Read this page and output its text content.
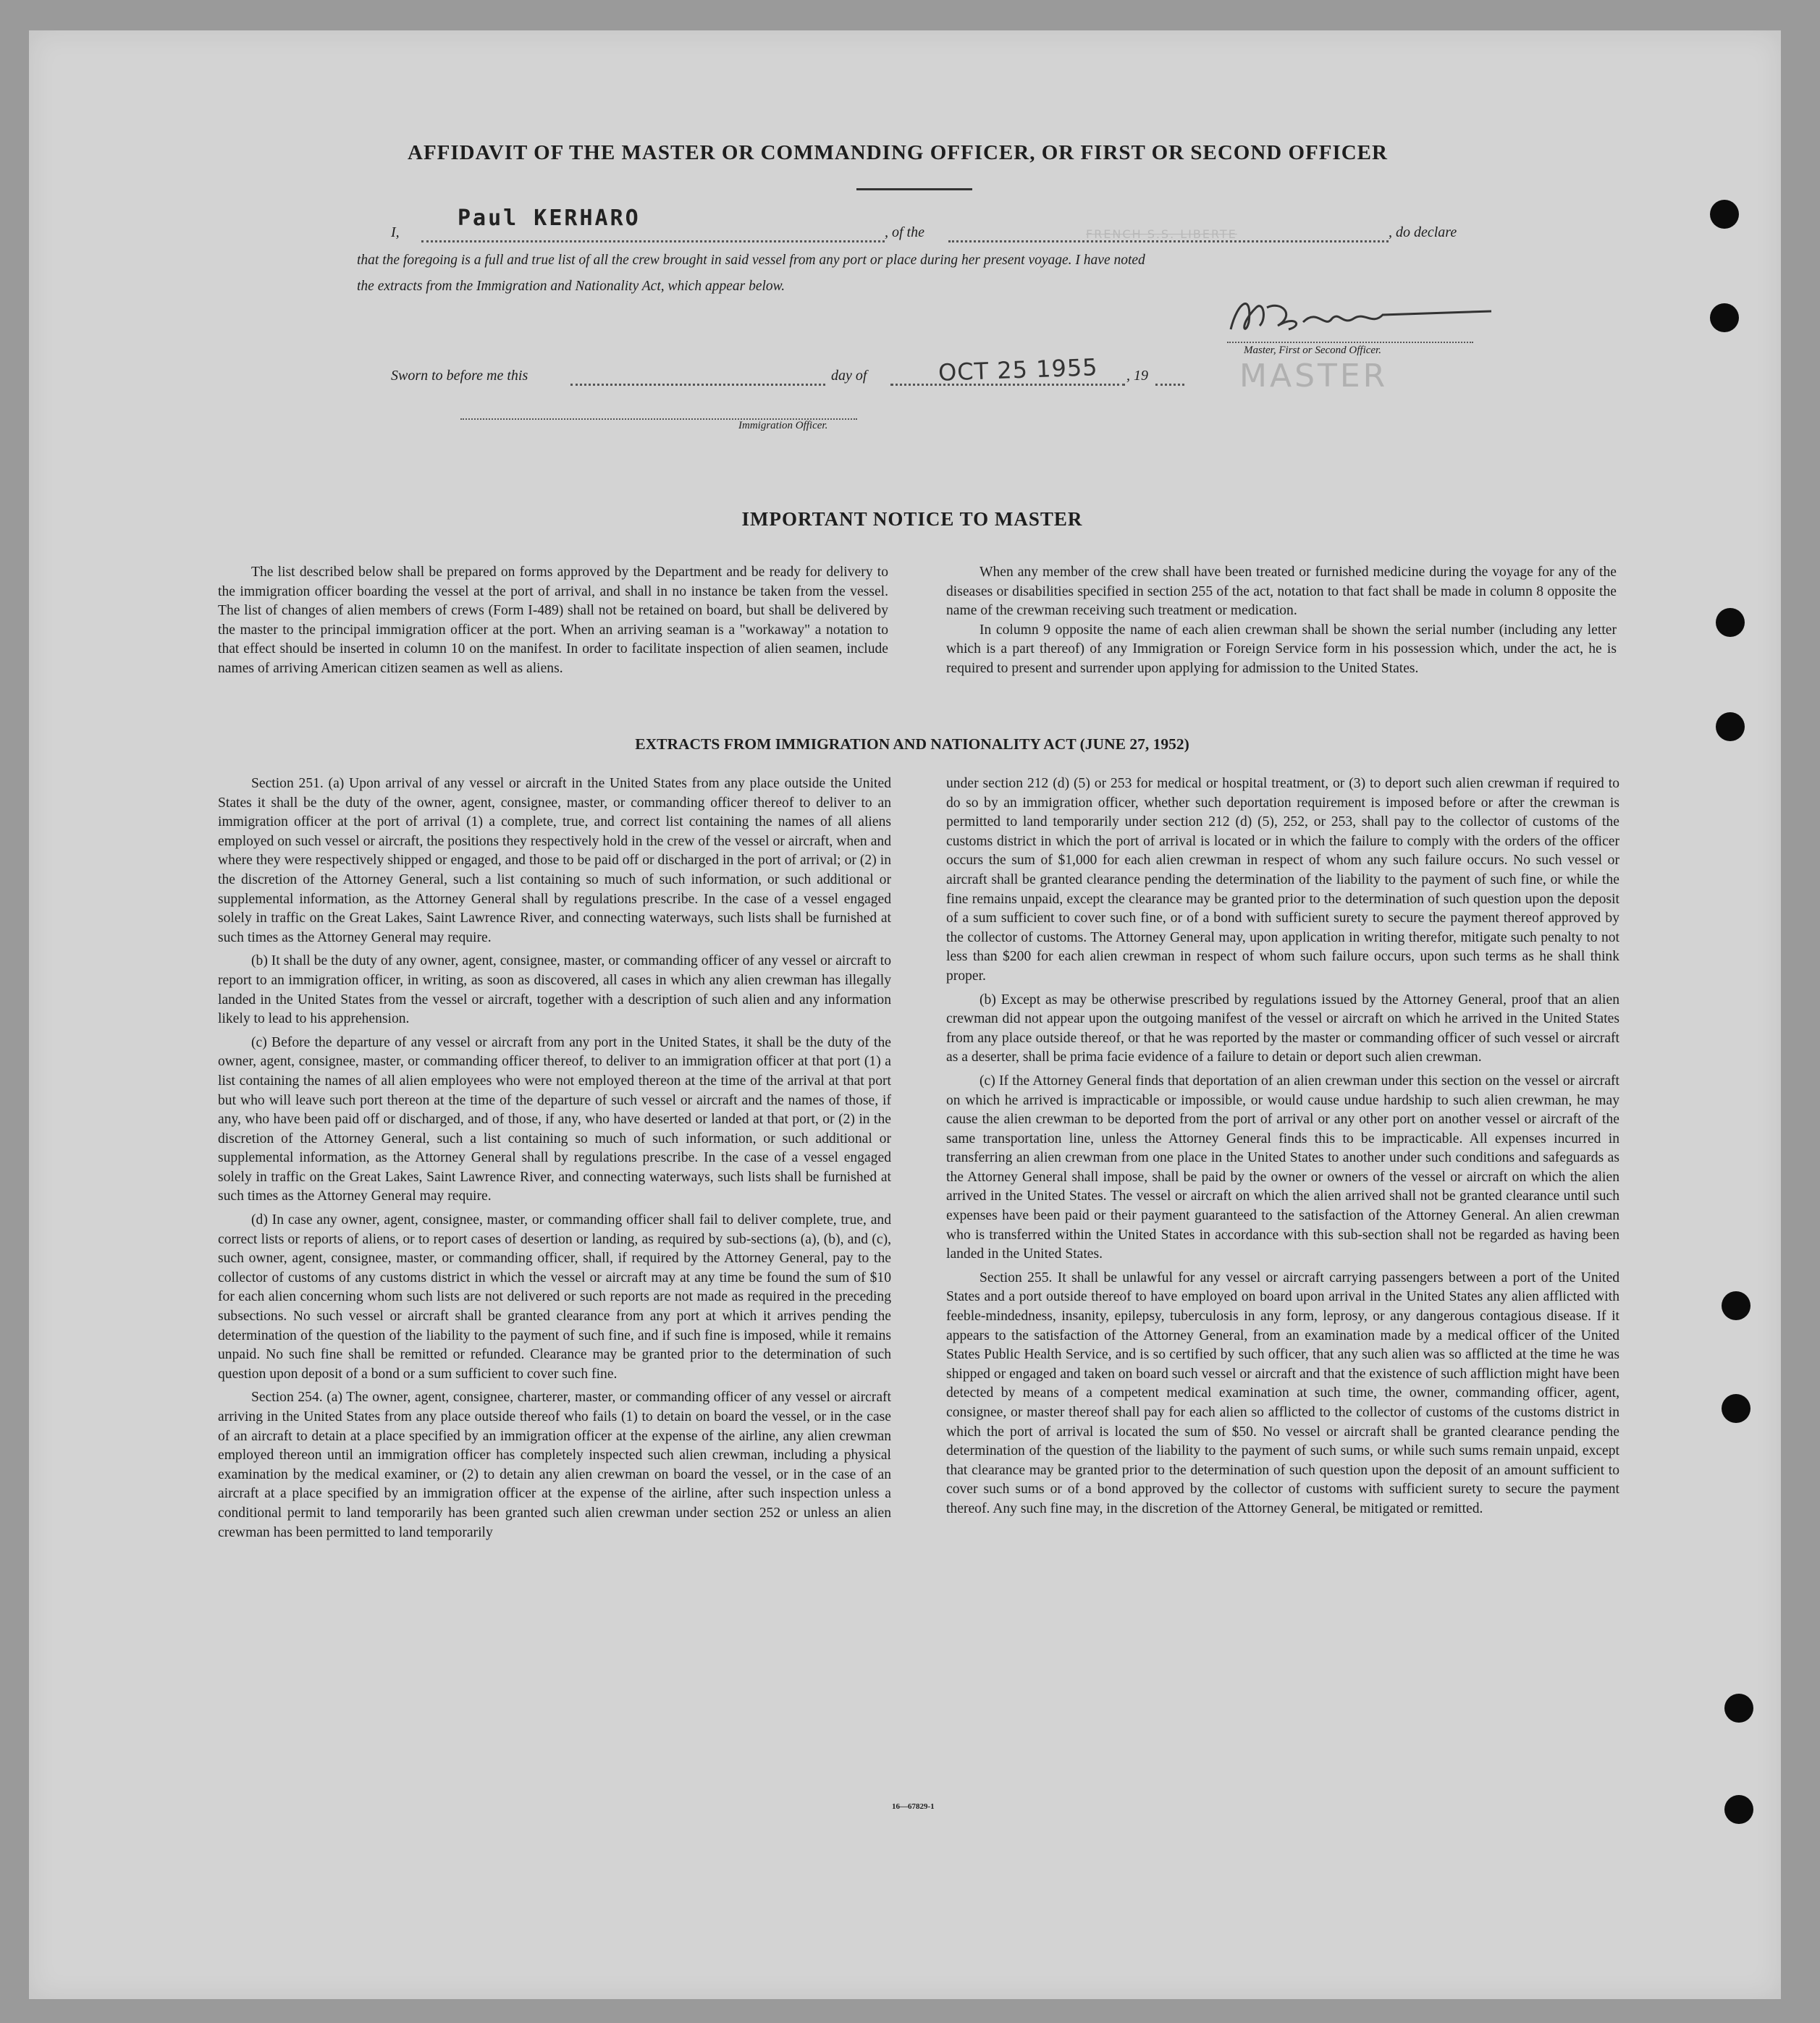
AFFIDAVIT OF THE MASTER OR COMMANDING OFFICER, OR FIRST OR SECOND OFFICER
I,
Paul KERHARO
, of the	FRENCH S.S. LIBERTE	, do declare
that the foregoing is a full and true list of all the crew brought in said vessel from any port or place during her present voyage. I have noted
the extracts from the Immigration and Nationality Act, which appear below.
Master, First or Second Officer.
MASTER
Sworn to before me this	day of	OCT 25 1955 , 19
Immigration Officer.
IMPORTANT NOTICE TO MASTER

The list described below shall be prepared on forms approved by the Department and be ready for delivery to the immigration officer boarding the vessel at the port of arrival, and shall in no instance be taken from the vessel. The list of changes of alien members of crews (Form I-489) shall not be retained on board, but shall be delivered by the master to the principal immigration officer at the port. When an arriving seaman is a "workaway" a notation to that effect should be inserted in column 10 on the manifest. In order to facilitate inspection of alien seamen, include names of arriving American citizen seamen as well as aliens.

When any member of the crew shall have been treated or furnished medicine during the voyage for any of the diseases or disabilities specified in section 255 of the act, notation to that fact shall be made in column 8 opposite the name of the crewman receiving such treatment or medication.

In column 9 opposite the name of each alien crewman shall be shown the serial number (including any letter which is a part thereof) of any Immigration or Foreign Service form in his possession which, under the act, he is required to present and surrender upon applying for admission to the United States.

EXTRACTS FROM IMMIGRATION AND NATIONALITY ACT (JUNE 27, 1952)

Section 251. (a) Upon arrival of any vessel or aircraft in the United States from any place outside the United States it shall be the duty of the owner, agent, consignee, master, or commanding officer thereof to deliver to an immigration officer at the port of arrival (1) a complete, true, and correct list containing the names of all aliens employed on such vessel or aircraft, the positions they respectively hold in the crew of the vessel or aircraft, when and where they were respectively shipped or engaged, and those to be paid off or discharged in the port of arrival; or (2) in the discretion of the Attorney General, such a list containing so much of such information, or such additional or supplemental information, as the Attorney General shall by regulations prescribe. In the case of a vessel engaged solely in traffic on the Great Lakes, Saint Lawrence River, and connecting waterways, such lists shall be furnished at such times as the Attorney General may require.

(b) It shall be the duty of any owner, agent, consignee, master, or commanding officer of any vessel or aircraft to report to an immigration officer, in writing, as soon as discovered, all cases in which any alien crewman has illegally landed in the United States from the vessel or aircraft, together with a description of such alien and any information likely to lead to his apprehension.

(c) Before the departure of any vessel or aircraft from any port in the United States, it shall be the duty of the owner, agent, consignee, master, or commanding officer thereof, to deliver to an immigration officer at that port (1) a list containing the names of all alien employees who were not employed thereon at the time of the arrival at that port but who will leave such port thereon at the time of the departure of such vessel or aircraft and the names of those, if any, who have been paid off or discharged, and of those, if any, who have deserted or landed at that port, or (2) in the discretion of the Attorney General, such a list containing so much of such information, or such additional or supplemental information, as the Attorney General shall by regulations prescribe. In the case of a vessel engaged solely in traffic on the Great Lakes, Saint Lawrence River, and connecting waterways, such lists shall be furnished at such times as the Attorney General may require.

(d) In case any owner, agent, consignee, master, or commanding officer shall fail to deliver complete, true, and correct lists or reports of aliens, or to report cases of desertion or landing, as required by sub-sections (a), (b), and (c), such owner, agent, consignee, master, or commanding officer, shall, if required by the Attorney General, pay to the collector of customs of any customs district in which the vessel or aircraft may at any time be found the sum of $10 for each alien concerning whom such lists are not delivered or such reports are not made as required in the preceding subsections. No such vessel or aircraft shall be granted clearance from any port at which it arrives pending the determination of the question of the liability to the payment of such fine, and if such fine is imposed, while it remains unpaid. No such fine shall be remitted or refunded. Clearance may be granted prior to the determination of such question upon deposit of a bond or a sum sufficient to cover such fine.

Section 254. (a) The owner, agent, consignee, charterer, master, or commanding officer of any vessel or aircraft arriving in the United States from any place outside thereof who fails (1) to detain on board the vessel, or in the case of an aircraft to detain at a place specified by an immigration officer at the expense of the airline, any alien crewman employed thereon until an immigration officer has completely inspected such alien crewman, including a physical examination by the medical examiner, or (2) to detain any alien crewman on board the vessel, or in the case of an aircraft at a place specified by an immigration officer at the expense of the airline, after such inspection unless a conditional permit to land temporarily has been granted such alien crewman under section 252 or unless an alien crewman has been permitted to land temporarily

under section 212 (d) (5) or 253 for medical or hospital treatment, or (3) to deport such alien crewman if required to do so by an immigration officer, whether such deportation requirement is imposed before or after the crewman is permitted to land temporarily under section 212 (d) (5), 252, or 253, shall pay to the collector of customs of the customs district in which the port of arrival is located or in which the failure to comply with the orders of the officer occurs the sum of $1,000 for each alien crewman in respect of whom any such failure occurs. No such vessel or aircraft shall be granted clearance pending the determination of the liability to the payment of such fine, or while the fine remains unpaid, except the clearance may be granted prior to the determination of such question upon the deposit of a sum sufficient to cover such fine, or of a bond with sufficient surety to secure the payment thereof approved by the collector of customs. The Attorney General may, upon application in writing therefor, mitigate such penalty to not less than $200 for each alien crewman in respect of whom such failure occurs, upon such terms as he shall think proper.

(b) Except as may be otherwise prescribed by regulations issued by the Attorney General, proof that an alien crewman did not appear upon the outgoing manifest of the vessel or aircraft on which he arrived in the United States from any place outside thereof, or that he was reported by the master or commanding officer of such vessel or aircraft as a deserter, shall be prima facie evidence of a failure to detain or deport such alien crewman.

(c) If the Attorney General finds that deportation of an alien crewman under this section on the vessel or aircraft on which he arrived is impracticable or impossible, or would cause undue hardship to such alien crewman, he may cause the alien crewman to be deported from the port of arrival or any other port on another vessel or aircraft of the same transportation line, unless the Attorney General finds this to be impracticable. All expenses incurred in transferring an alien crewman from one place in the United States to another under such conditions and safeguards as the Attorney General shall impose, shall be paid by the owner or owners of the vessel or aircraft on which the alien arrived in the United States. The vessel or aircraft on which the alien arrived shall not be granted clearance until such expenses have been paid or their payment guaranteed to the satisfaction of the Attorney General. An alien crewman who is transferred within the United States in accordance with this sub-section shall not be regarded as having been landed in the United States.

Section 255. It shall be unlawful for any vessel or aircraft carrying passengers between a port of the United States and a port outside thereof to have employed on board upon arrival in the United States any alien afflicted with feeble-mindedness, insanity, epilepsy, tuberculosis in any form, leprosy, or any dangerous contagious disease. If it appears to the satisfaction of the Attorney General, from an examination made by a medical officer of the United States Public Health Service, and is so certified by such officer, that any such alien was so afflicted at the time he was shipped or engaged and taken on board such vessel or aircraft and that the existence of such affliction might have been detected by means of a competent medical examination at such time, the owner, commanding officer, agent, consignee, or master thereof shall pay for each alien so afflicted to the collector of customs of the customs district in which the port of arrival is located the sum of $50. No vessel or aircraft shall be granted clearance pending the determination of the question of the liability to the payment of such sums, or while such sums remain unpaid, except that clearance may be granted prior to the determination of such question upon the deposit of an amount sufficient to cover such sums or of a bond approved by the collector of customs with sufficient surety to secure the payment thereof. Any such fine may, in the discretion of the Attorney General, be mitigated or remitted.

16—67829-1
